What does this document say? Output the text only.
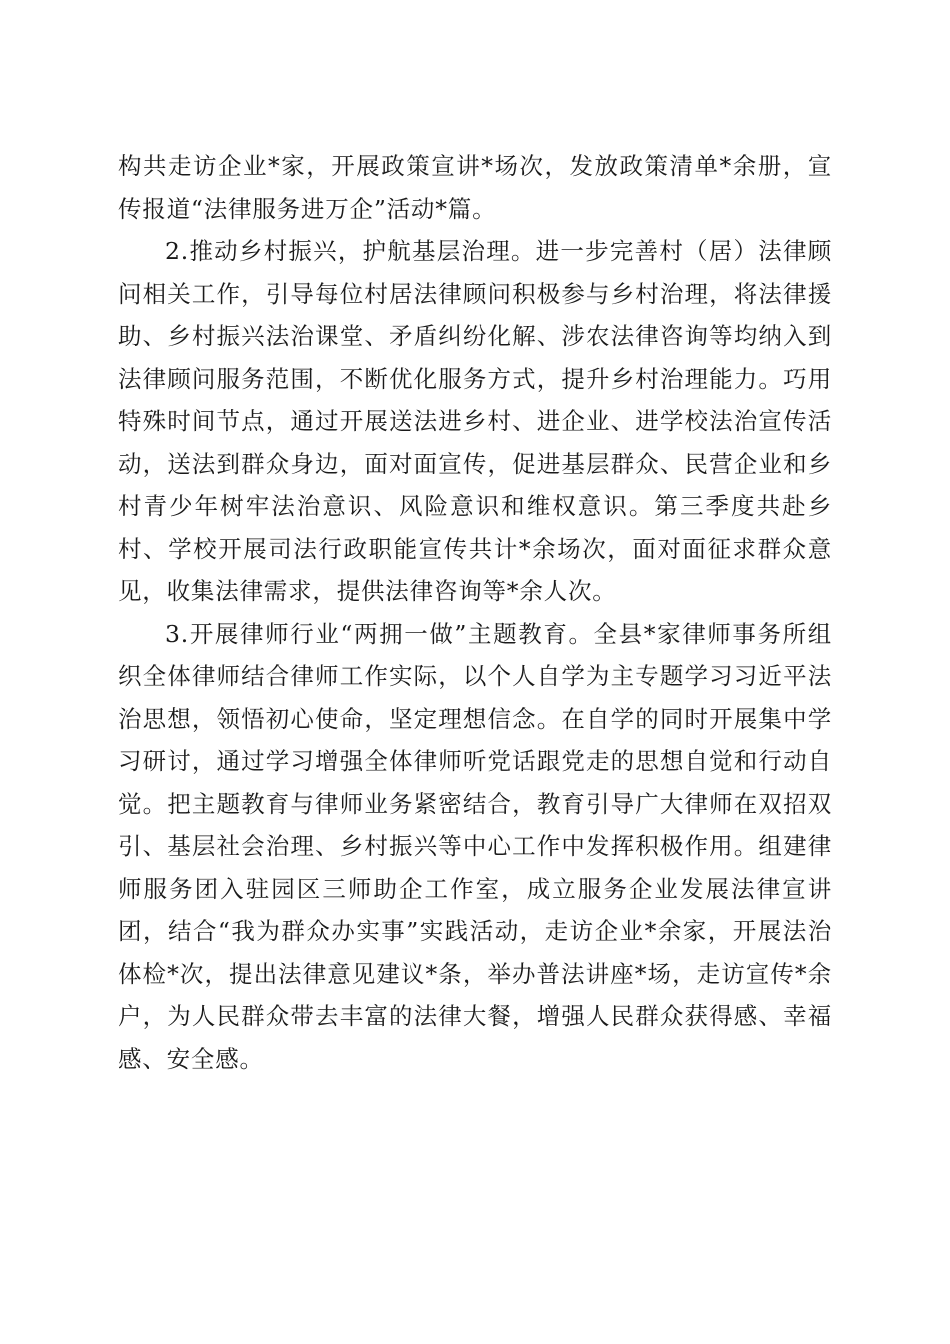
构共走访企业*家，开展政策宣讲*场次，发放政策清单*余册，宣传报道“法律服务进万企”活动*篇。

2.推动乡村振兴，护航基层治理。进一步完善村（居）法律顾问相关工作，引导每位村居法律顾问积极参与乡村治理，将法律援助、乡村振兴法治课堂、矛盾纠纷化解、涉农法律咨询等均纳入到法律顾问服务范围，不断优化服务方式，提升乡村治理能力。巧用特殊时间节点，通过开展送法进乡村、进企业、进学校法治宣传活动，送法到群众身边，面对面宣传，促进基层群众、民营企业和乡村青少年树牢法治意识、风险意识和维权意识。第三季度共赴乡村、学校开展司法行政职能宣传共计*余场次，面对面征求群众意见，收集法律需求，提供法律咨询等*余人次。

3.开展律师行业“两拥一做”主题教育。全县*家律师事务所组织全体律师结合律师工作实际，以个人自学为主专题学习习近平法治思想，领悟初心使命，坚定理想信念。在自学的同时开展集中学习研讨，通过学习增强全体律师听党话跟党走的思想自觉和行动自觉。把主题教育与律师业务紧密结合，教育引导广大律师在双招双引、基层社会治理、乡村振兴等中心工作中发挥积极作用。组建律师服务团入驻园区三师助企工作室，成立服务企业发展法律宣讲团，结合“我为群众办实事”实践活动，走访企业*余家，开展法治体检*次，提出法律意见建议*条，举办普法讲座*场，走访宣传*余户，为人民群众带去丰富的法律大餐，增强人民群众获得感、幸福感、安全感。
